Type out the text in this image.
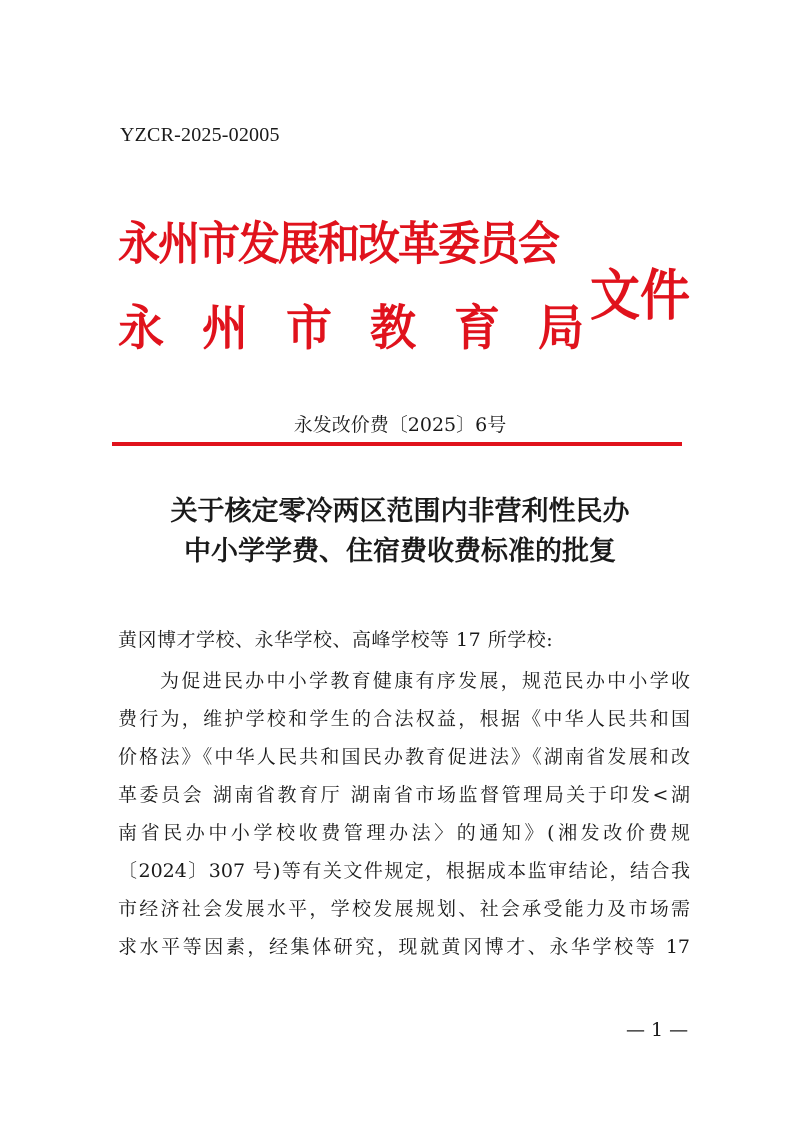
YZCR-2025-02005
永州市发展和改革委员会
永 州 市 教 育 局 文件
永发改价费〔2025〕6号
关于核定零冷两区范围内非营利性民办
中小学学费、住宿费收费标准的批复
黄冈博才学校、永华学校、高峰学校等 17 所学校:
为促进民办中小学教育健康有序发展，规范民办中小学收
费行为，维护学校和学生的合法权益，根据《中华人民共和国
价格法》《中华人民共和国民办教育促进法》《湖南省发展和改
革委员会 湖南省教育厅 湖南省市场监督管理局关于印发<湖
南省民办中小学校收费管理办法〉的通知》(湘发改价费规
〔2024〕307 号)等有关文件规定，根据成本监审结论，结合我
市经济社会发展水平，学校发展规划、社会承受能力及市场需
求水平等因素，经集体研究，现就黄冈博才、永华学校等 17
— 1 —
